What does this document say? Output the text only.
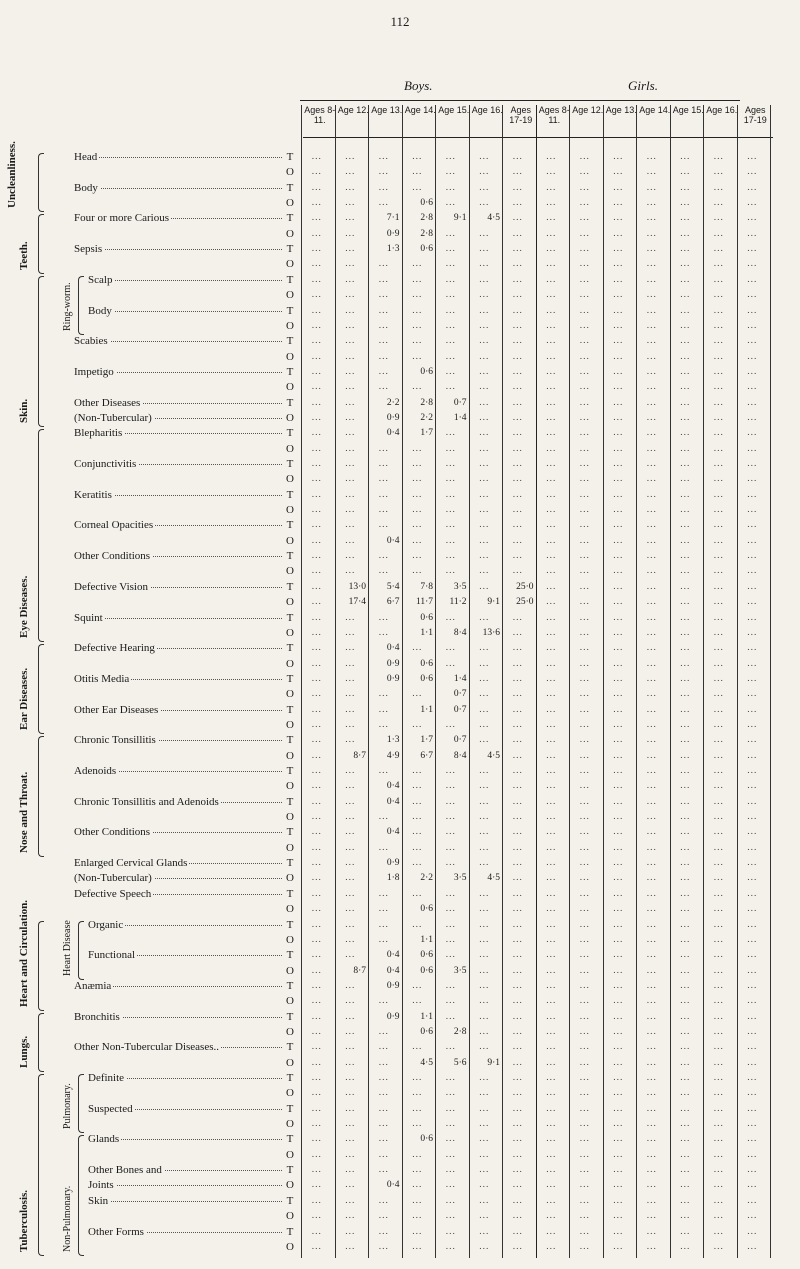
112
Boys.	Girls.
Ages 8-11.
Age 12. Age 13. Age 14. Age 15. Age 16. Ages 17-19
Ages 8-11.
Age 12. Age 13. Age 14. Age 15. Age 16. Ages 17-19
Head	T	...	...	...	...	...	...	...	...	...	...	...	...	...	...
O	...	...	...	...	...	...	...	...	...	...	...	...	...	...
Body	T	...	...	...	...	...	...	...	...	...	...	...	...	...	...
O	...	...	...	0·6	...	...	...	...	...	...	...	...	...	...
Four or more Carious	T	...	...	7·1	2·8	9·1	4·5	...	...	...	...	...	...	...	...
O	...	...	0·9	2·8	...	...	...	...	...	...	...	...	...	...
Sepsis	T	...	...	1·3	0·6	...	...	...	...	...	...	...	...	...	...
O	...	...	...	...	...	...	...	...	...	...	...	...	...	...
Scalp	T	...	...	...	...	...	...	...	...	...	...	...	...	...	...
O	...	...	...	...	...	...	...	...	...	...	...	...	...	...
Body	T	...	...	...	...	...	...	...	...	...	...	...	...	...	...
O	...	...	...	...	...	...	...	...	...	...	...	...	...	...
Scabies	T	...	...	...	...	...	...	...	...	...	...	...	...	...	...
O	...	...	...	...	...	...	...	...	...	...	...	...	...	...
Impetigo	T	...	...	...	0·6	...	...	...	...	...	...	...	...	...	...
O	...	...	...	...	...	...	...	...	...	...	...	...	...	...
Other Diseases	T	...	...	2·2	2·8	0·7	...	...	...	...	...	...	...	...	...
(Non-Tubercular)	O	...	...	0·9	2·2	1·4	...	...	...	...	...	...	...	...	...
Blepharitis	T	...	...	0·4	1·7	...	...	...	...	...	...	...	...	...	...
O	...	...	...	...	...	...	...	...	...	...	...	...	...	...
Conjunctivitis	T	...	...	...	...	...	...	...	...	...	...	...	...	...	...
O	...	...	...	...	...	...	...	...	...	...	...	...	...	...
Keratitis	T	...	...	...	...	...	...	...	...	...	...	...	...	...	...
O	...	...	...	...	...	...	...	...	...	...	...	...	...	...
Corneal Opacities	T	...	...	...	...	...	...	...	...	...	...	...	...	...	...
O	...	...	0·4	...	...	...	...	...	...	...	...	...	...	...
Other Conditions	T	...	...	...	...	...	...	...	...	...	...	...	...	...	...
O	...	...	...	...	...	...	...	...	...	...	...	...	...	...
Defective Vision	T	...	13·0	5·4	7·8	3·5	...	25·0	...	...	...	...	...	...	...
O	...	17·4	6·7	11·7	11·2	9·1	25·0	...	...	...	...	...	...	...
Squint	T	...	...	...	0·6	...	...	...	...	...	...	...	...	...	...
O	...	...	...	1·1	8·4	13·6	...	...	...	...	...	...	...	...
Defective Hearing	T	...	...	0·4	...	...	...	...	...	...	...	...	...	...	...
O	...	...	0·9	0·6	...	...	...	...	...	...	...	...	...	...
Otitis Media	T	...	...	0·9	0·6	1·4	...	...	...	...	...	...	...	...	...
O	...	...	...	...	0·7	...	...	...	...	...	...	...	...	...
Other Ear Diseases	T	...	...	...	1·1	0·7	...	...	...	...	...	...	...	...	...
O	...	...	...	...	...	...	...	...	...	...	...	...	...	...
Chronic Tonsillitis	T	...	...	1·3	1·7	0·7	...	...	...	...	...	...	...	...	...
O	...	8·7	4·9	6·7	8·4	4·5	...	...	...	...	...	...	...	...
Adenoids	T	...	...	...	...	...	...	...	...	...	...	...	...	...	...
O	...	...	0·4	...	...	...	...	...	...	...	...	...	...	...
Chronic Tonsillitis and Adenoids	T	...	...	0·4	...	...	...	...	...	...	...	...	...	...	...
O	...	...	...	...	...	...	...	...	...	...	...	...	...	...
Other Conditions	T	...	...	0·4	...	...	...	...	...	...	...	...	...	...	...
O	...	...	...	...	...	...	...	...	...	...	...	...	...	...
Enlarged Cervical Glands	T	...	...	0·9	...	...	...	...	...	...	...	...	...	...	...
(Non-Tubercular)	O	...	...	1·8	2·2	3·5	4·5	...	...	...	...	...	...	...	...
Defective Speech	T	...	...	...	...	...	...	...	...	...	...	...	...	...	...
O	...	...	...	0·6	...	...	...	...	...	...	...	...	...	...
Organic	T	...	...	...	...	...	...	...	...	...	...	...	...	...	...
O	...	...	...	1·1	...	...	...	...	...	...	...	...	...	...
Functional	T	...	...	0·4	0·6	...	...	...	...	...	...	...	...	...	...
O	...	8·7	0·4	0·6	3·5	...	...	...	...	...	...	...	...	...
Anæmia	T	...	...	0·9	...	...	...	...	...	...	...	...	...	...	...
O	...	...	...	...	...	...	...	...	...	...	...	...	...	...
Bronchitis	T	...	...	0·9	1·1	...	...	...	...	...	...	...	...	...	...
O	...	...	...	0·6	2·8	...	...	...	...	...	...	...	...	...
Other Non-Tubercular Diseases..	T	...	...	...	...	...	...	...	...	...	...	...	...	...	...
O	...	...	...	4·5	5·6	9·1	...	...	...	...	...	...	...	...
Definite	T	...	...	...	...	...	...	...	...	...	...	...	...	...	...
O	...	...	...	...	...	...	...	...	...	...	...	...	...	...
Suspected	T	...	...	...	...	...	...	...	...	...	...	...	...	...	...
O	...	...	...	...	...	...	...	...	...	...	...	...	...	...
Glands	T	...	...	...	0·6	...	...	...	...	...	...	...	...	...	...
O	...	...	...	...	...	...	...	...	...	...	...	...	...	...
Other Bones and	T	...	...	...	...	...	...	...	...	...	...	...	...	...	...
Joints	O	...	...	0·4	...	...	...	...	...	...	...	...	...	...	...
Skin	T	...	...	...	...	...	...	...	...	...	...	...	...	...	...
O	...	...	...	...	...	...	...	...	...	...	...	...	...	...
Other Forms	T	...	...	...	...	...	...	...	...	...	...	...	...	...	...
O	...	...	...	...	...	...	...	...	...	...	...	...	...	...
Uncleanliness.
Teeth.
Skin.
Ring-worm.
Eye Diseases.
Ear Diseases.
Nose and Throat.
Heart and Circulation.	Heart Disease
Lungs.
Tuberculosis.
Pulmonary.
Non-Pulmonary.
